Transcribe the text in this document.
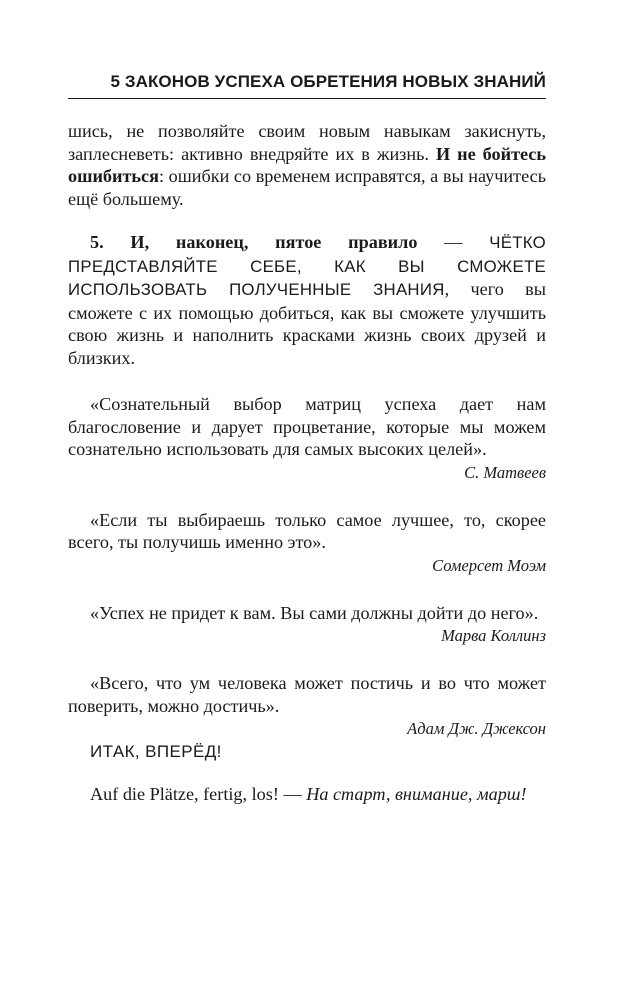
5 ЗАКОНОВ УСПЕХА ОБРЕТЕНИЯ НОВЫХ ЗНАНИЙ

шись, не позволяйте своим новым навыкам закиснуть, заплесневеть: активно внедряйте их в жизнь. И не бойтесь ошибиться: ошибки со временем исправятся, а вы научитесь ещё большему.

5. И, наконец, пятое правило — ЧЁТКО ПРЕДСТАВЛЯЙТЕ СЕБЕ, КАК ВЫ СМОЖЕТЕ ИСПОЛЬЗОВАТЬ ПОЛУЧЕННЫЕ ЗНАНИЯ, чего вы сможете с их помощью добиться, как вы сможете улучшить свою жизнь и наполнить красками жизнь своих друзей и близких.

«Сознательный выбор матриц успеха дает нам благословение и дарует процветание, которые мы можем сознательно использовать для самых высоких целей».

С. Матвеев

«Если ты выбираешь только самое лучшее, то, скорее всего, ты получишь именно это».

Сомерсет Моэм

«Успех не придет к вам. Вы сами должны дойти до него».

Марва Коллинз

«Всего, что ум человека может постичь и во что может поверить, можно достичь».

Адам Дж. Джексон

ИТАК, ВПЕРЁД!

Auf die Plätze, fertig, los! — На старт, внимание, марш!
